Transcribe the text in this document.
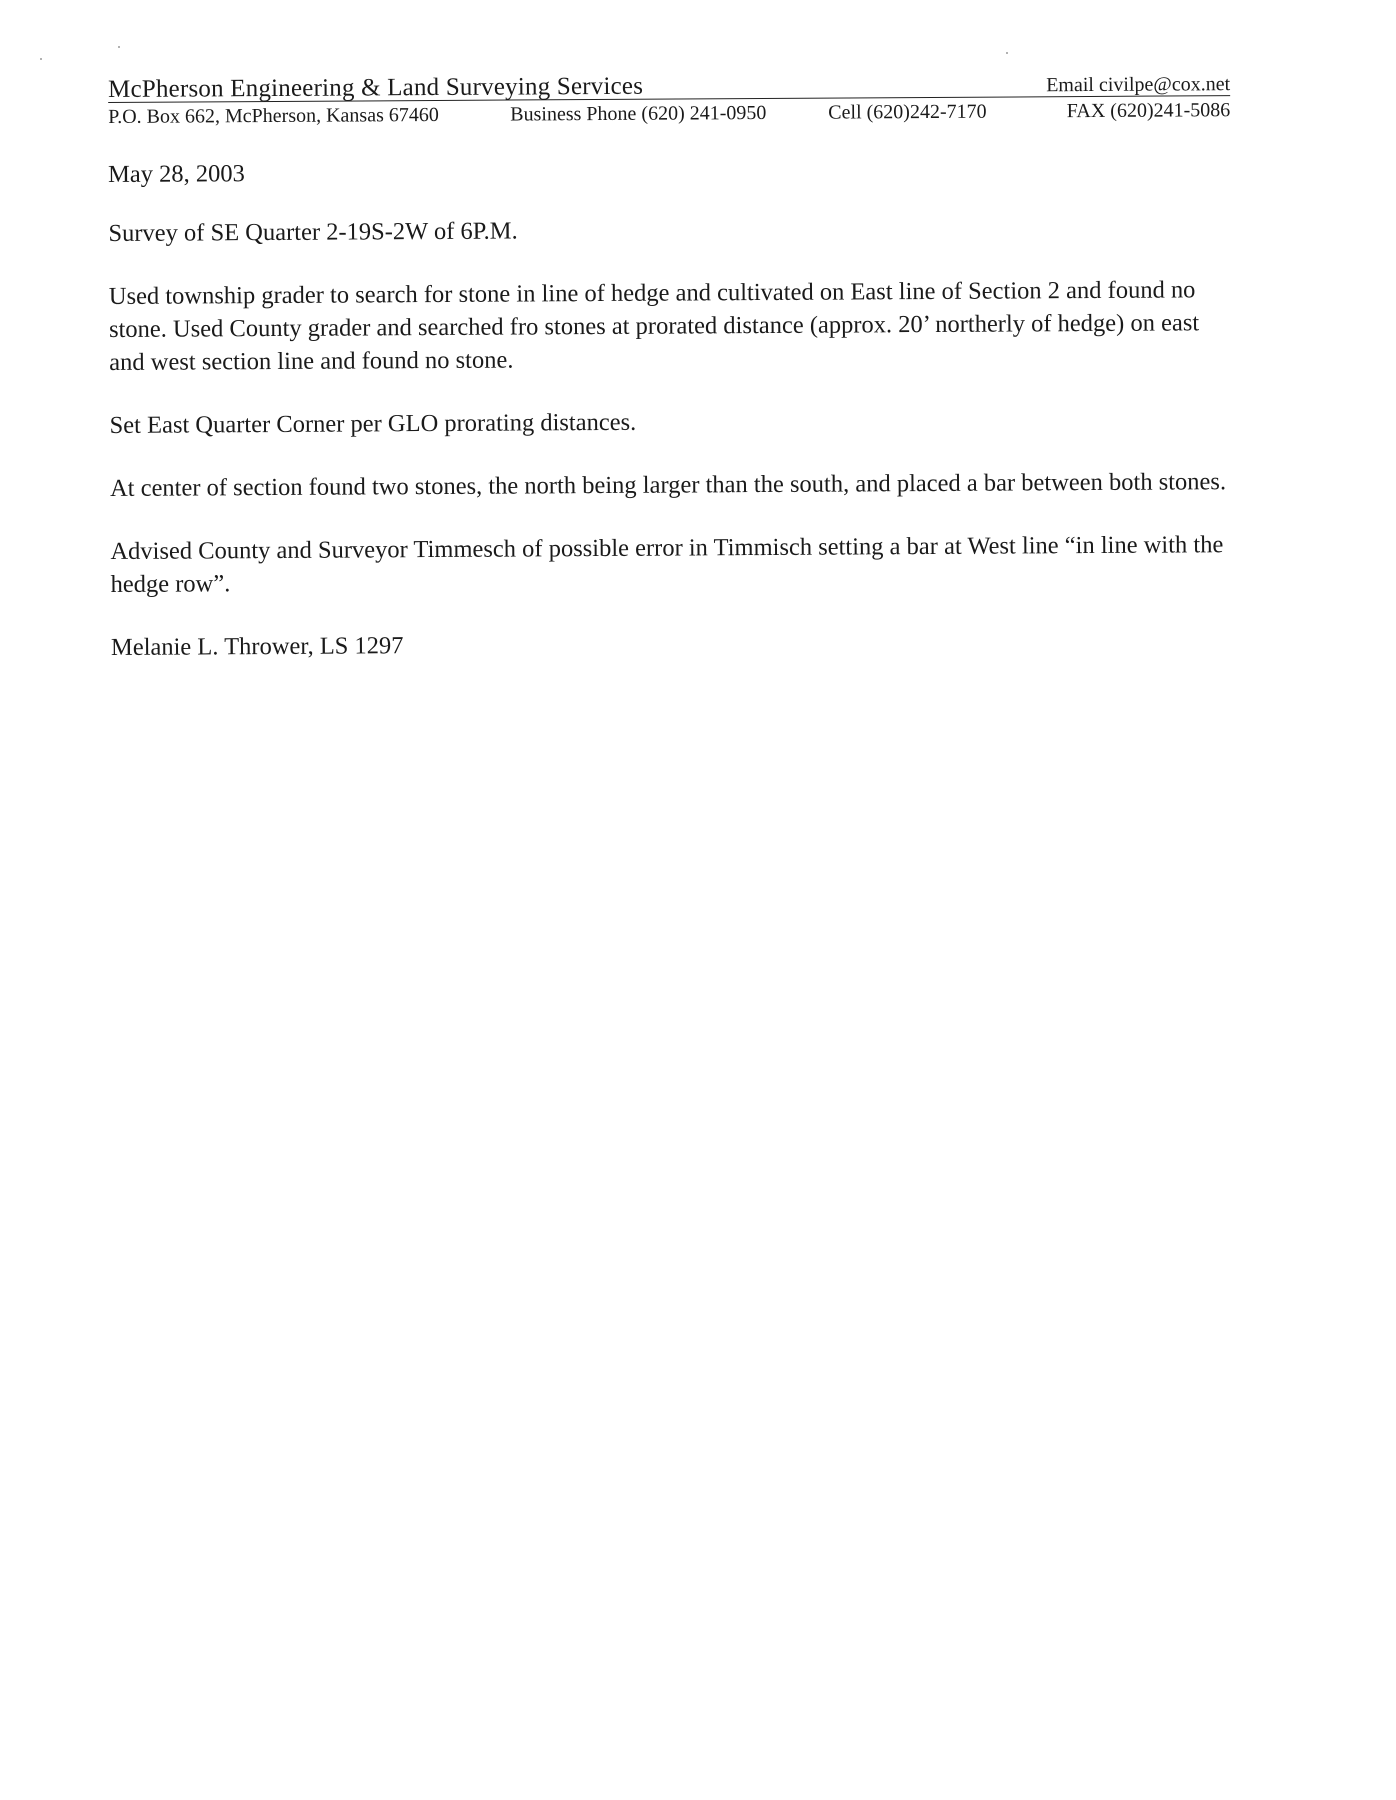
McPherson Engineering & Land Surveying Services	Email civilpe@cox.net
P.O. Box 662, McPherson, Kansas 67460	Business Phone (620) 241-0950	Cell (620)242-7170	FAX (620)241-5086

May 28, 2003

Survey of SE Quarter 2-19S-2W of 6P.M.

Used township grader to search for stone in line of hedge and cultivated on East line of Section 2 and found no stone. Used County grader and searched fro stones at prorated distance (approx. 20’ northerly of hedge) on east and west section line and found no stone.

Set East Quarter Corner per GLO prorating distances.

At center of section found two stones, the north being larger than the south, and placed a bar between both stones.

Advised County and Surveyor Timmesch of possible error in Timmisch setting a bar at West line “in line with the hedge row”.

Melanie L. Thrower, LS 1297
